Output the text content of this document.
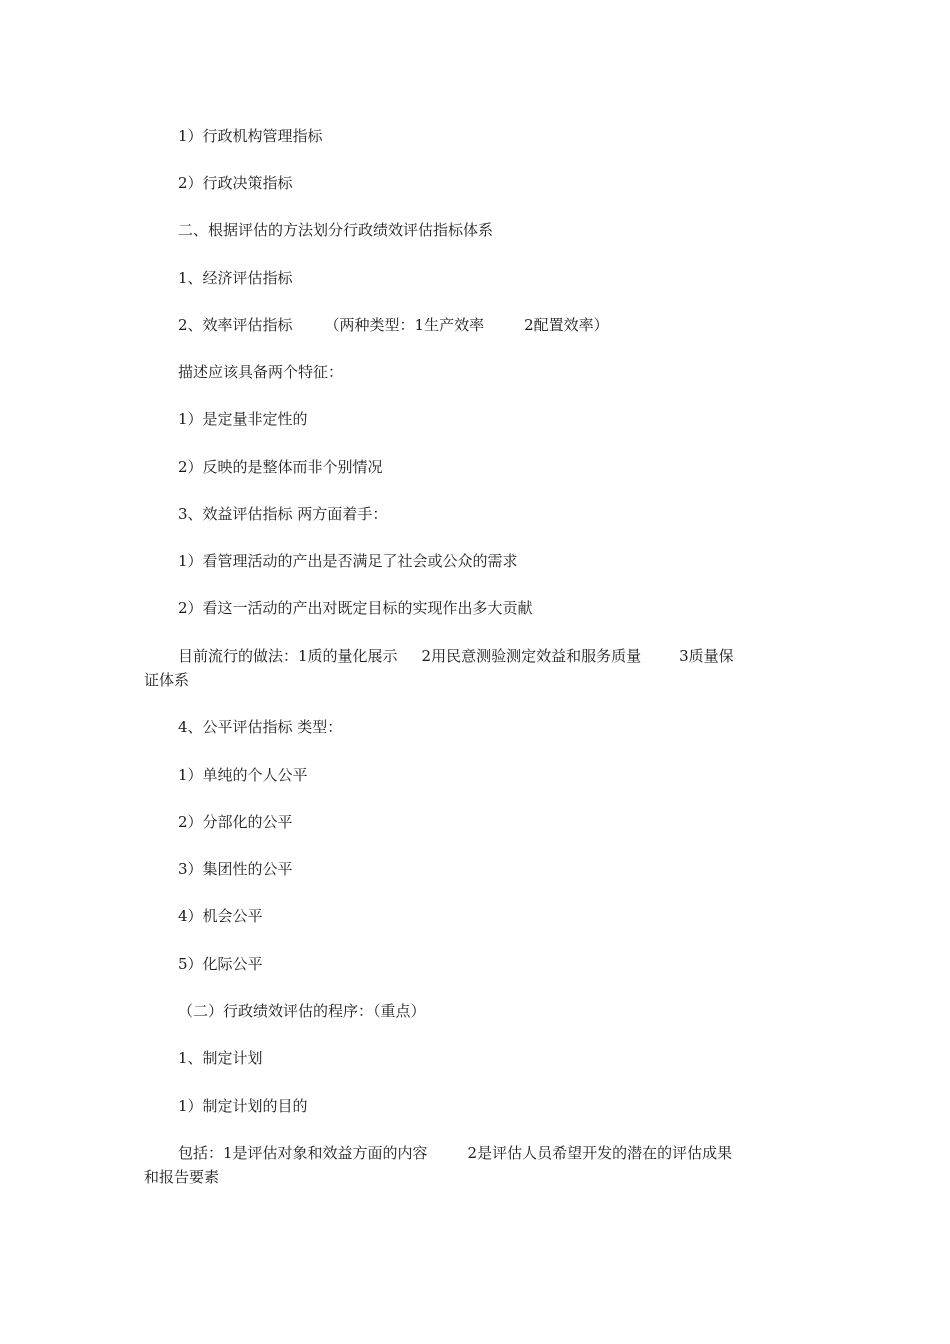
1）行政机构管理指标
2）行政决策指标
二、根据评估的方法划分行政绩效评估指标体系
1、经济评估指标
2、效率评估指标 （两种类型：1生产效率	2配置效率）
描述应该具备两个特征：
1）是定量非定性的
2）反映的是整体而非个别情况
3、效益评估指标 两方面着手：
1）看管理活动的产出是否满足了社会或公众的需求
2）看这一活动的产出对既定目标的实现作出多大贡献
目前流行的做法：1质的量化展示 2用民意测验测定效益和服务质量	3质量保
证体系
4、公平评估指标 类型：
1）单纯的个人公平
2）分部化的公平
3）集团性的公平
4）机会公平
5）化际公平
（二）行政绩效评估的程序：（重点）
1、制定计划
1）制定计划的目的
包括：1是评估对象和效益方面的内容	2是评估人员希望开发的潜在的评估成果
和报告要素
